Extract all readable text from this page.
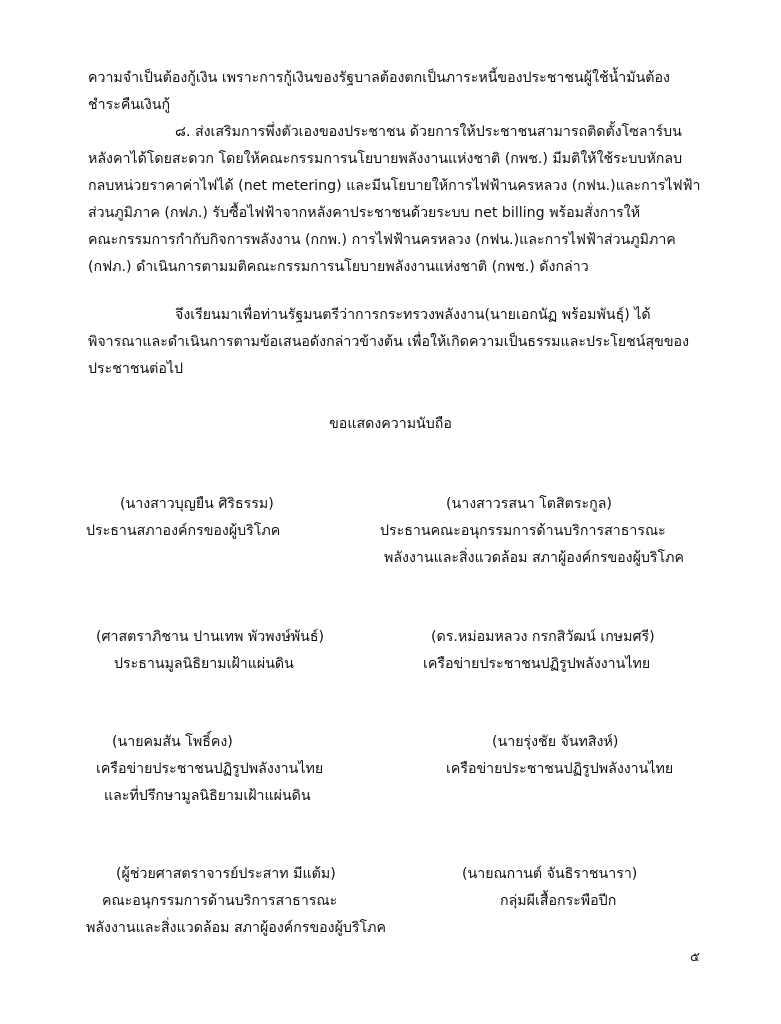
ความจำเป็นต้องกู้เงิน เพราะการกู้เงินของรัฐบาลต้องตกเป็นภาระหนี้ของประชาชนผู้ใช้น้ำมันต้อง
ชำระคืนเงินกู้
๘. ส่งเสริมการพึ่งตัวเองของประชาชน ด้วยการให้ประชาชนสามารถติดตั้งโซลาร์บน
หลังคาได้โดยสะดวก โดยให้คณะกรรมการนโยบายพลังงานแห่งชาติ (กพช.) มีมติให้ใช้ระบบหักลบ
กลบหน่วยราคาค่าไฟได้ (net metering) และมีนโยบายให้การไฟฟ้านครหลวง (กฟน.)และการไฟฟ้า
ส่วนภูมิภาค (กฟภ.) รับซื้อไฟฟ้าจากหลังคาประชาชนด้วยระบบ net billing พร้อมสั่งการให้
คณะกรรมการกำกับกิจการพลังงาน (กกพ.) การไฟฟ้านครหลวง (กฟน.)และการไฟฟ้าส่วนภูมิภาค
(กฟภ.) ดำเนินการตามมติคณะกรรมการนโยบายพลังงานแห่งชาติ (กพช.) ดังกล่าว
จึงเรียนมาเพื่อท่านรัฐมนตรีว่าการกระทรวงพลังงาน(นายเอกนัฏ พร้อมพันธุ์) ได้
พิจารณาและดำเนินการตามข้อเสนอดังกล่าวข้างต้น เพื่อให้เกิดความเป็นธรรมและประโยชน์สุขของ
ประชาชนต่อไป
ขอแสดงความนับถือ
(นางสาวบุญยืน ศิริธรรม)
ประธานสภาองค์กรของผู้บริโภค
(นางสาวรสนา โตสิตระกูล)
ประธานคณะอนุกรรมการด้านบริการสาธารณะ
พลังงานและสิ่งแวดล้อม สภาผู้องค์กรของผู้บริโภค
(ศาสตราภิชาน ปานเทพ พัวพงษ์พันธ์)
ประธานมูลนิธิยามเฝ้าแผ่นดิน
(ดร.หม่อมหลวง กรกสิวัฒน์ เกษมศรี)
เครือข่ายประชาชนปฏิรูปพลังงานไทย
(นายคมสัน โพธิ์คง)
เครือข่ายประชาชนปฏิรูปพลังงานไทย
และที่ปรึกษามูลนิธิยามเฝ้าแผ่นดิน
(นายรุ่งชัย จันทสิงห์)
เครือข่ายประชาชนปฏิรูปพลังงานไทย
(ผู้ช่วยศาสตราจารย์ประสาท มีแต้ม)
คณะอนุกรรมการด้านบริการสาธารณะ
พลังงานและสิ่งแวดล้อม สภาผู้องค์กรของผู้บริโภค
(นายณกานต์ จันธิราชนารา)
กลุ่มผีเสื้อกระพือปีก
๕
